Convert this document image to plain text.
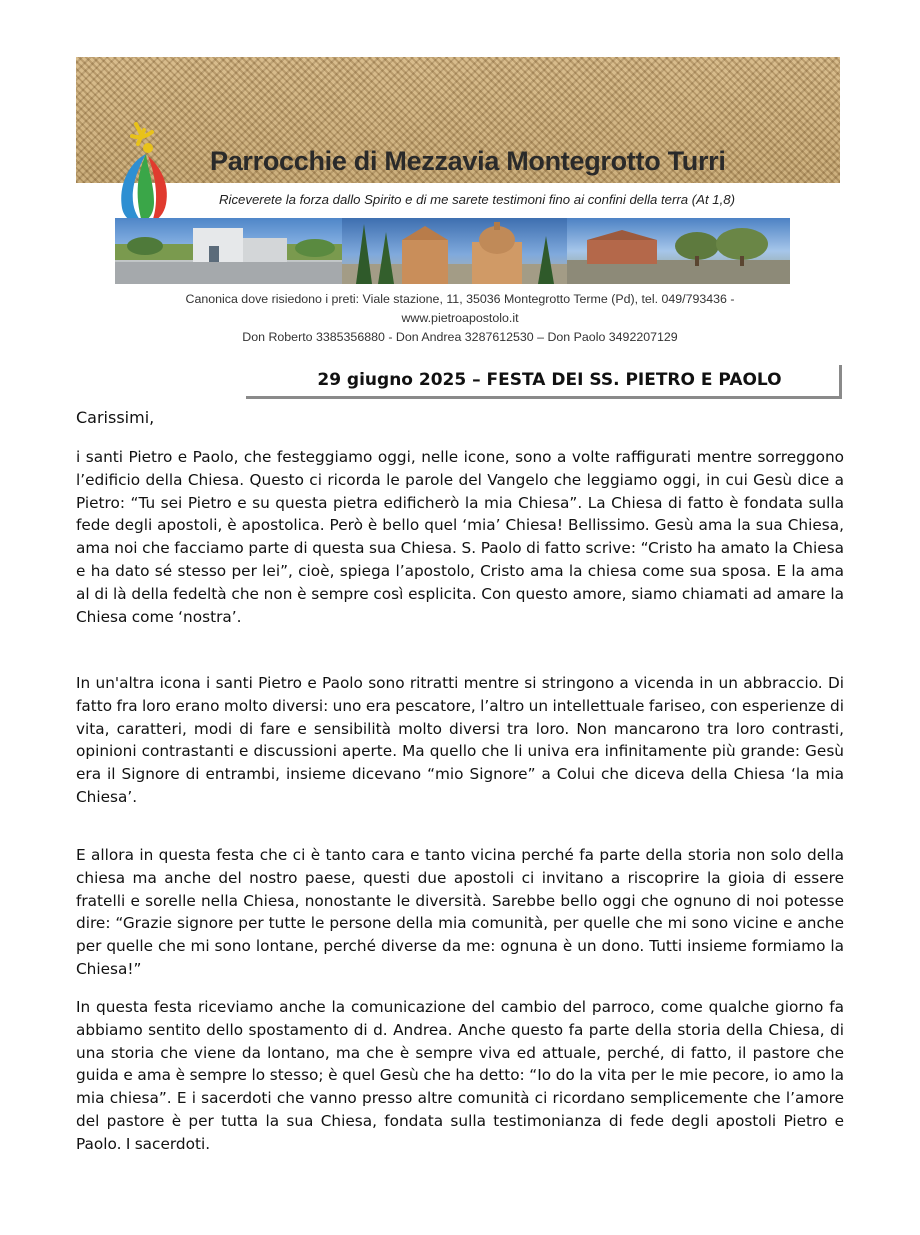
Parrocchie di Mezzavia Montegrotto Turri
Riceverete la forza dallo Spirito e di me sarete testimoni fino ai confini della terra (At 1,8)
Canonica dove risiedono i preti: Viale stazione, 11, 35036 Montegrotto Terme (Pd), tel. 049/793436 -
www.pietroapostolo.it
Don Roberto 3385356880 - Don Andrea 3287612530 – Don Paolo 3492207129
29 giugno 2025 – FESTA DEI SS. PIETRO E PAOLO
Carissimi,

i santi Pietro e Paolo, che festeggiamo oggi, nelle icone, sono a volte raffigurati mentre sorreggono l’edificio della Chiesa. Questo ci ricorda le parole del Vangelo che leggiamo oggi, in cui Gesù dice a Pietro: “Tu sei Pietro e su questa pietra edificherò la mia Chiesa”. La Chiesa di fatto è fondata sulla fede degli apostoli, è apostolica. Però è bello quel ‘mia’ Chiesa! Bellissimo. Gesù ama la sua Chiesa, ama noi che facciamo parte di questa sua Chiesa. S. Paolo di fatto scrive: “Cristo ha amato la Chiesa e ha dato sé stesso per lei”, cioè, spiega l’apostolo, Cristo ama la chiesa come sua sposa. E la ama al di là della fedeltà che non è sempre così esplicita. Con questo amore, siamo chiamati ad amare la Chiesa come ‘nostra’.

In un'altra icona i santi Pietro e Paolo sono ritratti mentre si stringono a vicenda in un abbraccio. Di fatto fra loro erano molto diversi: uno era pescatore, l’altro un intellettuale fariseo, con esperienze di vita, caratteri, modi di fare e sensibilità molto diversi tra loro. Non mancarono tra loro contrasti, opinioni contrastanti e discussioni aperte. Ma quello che li univa era infinitamente più grande: Gesù era il Signore di entrambi, insieme dicevano “mio Signore” a Colui che diceva della Chiesa ‘la mia Chiesa’.

E allora in questa festa che ci è tanto cara e tanto vicina perché fa parte della storia non solo della chiesa ma anche del nostro paese, questi due apostoli ci invitano a riscoprire la gioia di essere fratelli e sorelle nella Chiesa, nonostante le diversità. Sarebbe bello oggi che ognuno di noi potesse dire: “Grazie signore per tutte le persone della mia comunità, per quelle che mi sono vicine e anche per quelle che mi sono lontane, perché diverse da me: ognuna è un dono. Tutti insieme formiamo la Chiesa!”

In questa festa riceviamo anche la comunicazione del cambio del parroco, come qualche giorno fa abbiamo sentito dello spostamento di d. Andrea. Anche questo fa parte della storia della Chiesa, di una storia che viene da lontano, ma che è sempre viva ed attuale, perché, di fatto, il pastore che guida e ama è sempre lo stesso; è quel Gesù che ha detto: “Io do la vita per le mie pecore, io amo la mia chiesa”. E i sacerdoti che vanno presso altre comunità ci ricordano semplicemente che l’amore del pastore è per tutta la sua Chiesa, fondata sulla testimonianza di fede degli apostoli Pietro e Paolo. I sacerdoti.
